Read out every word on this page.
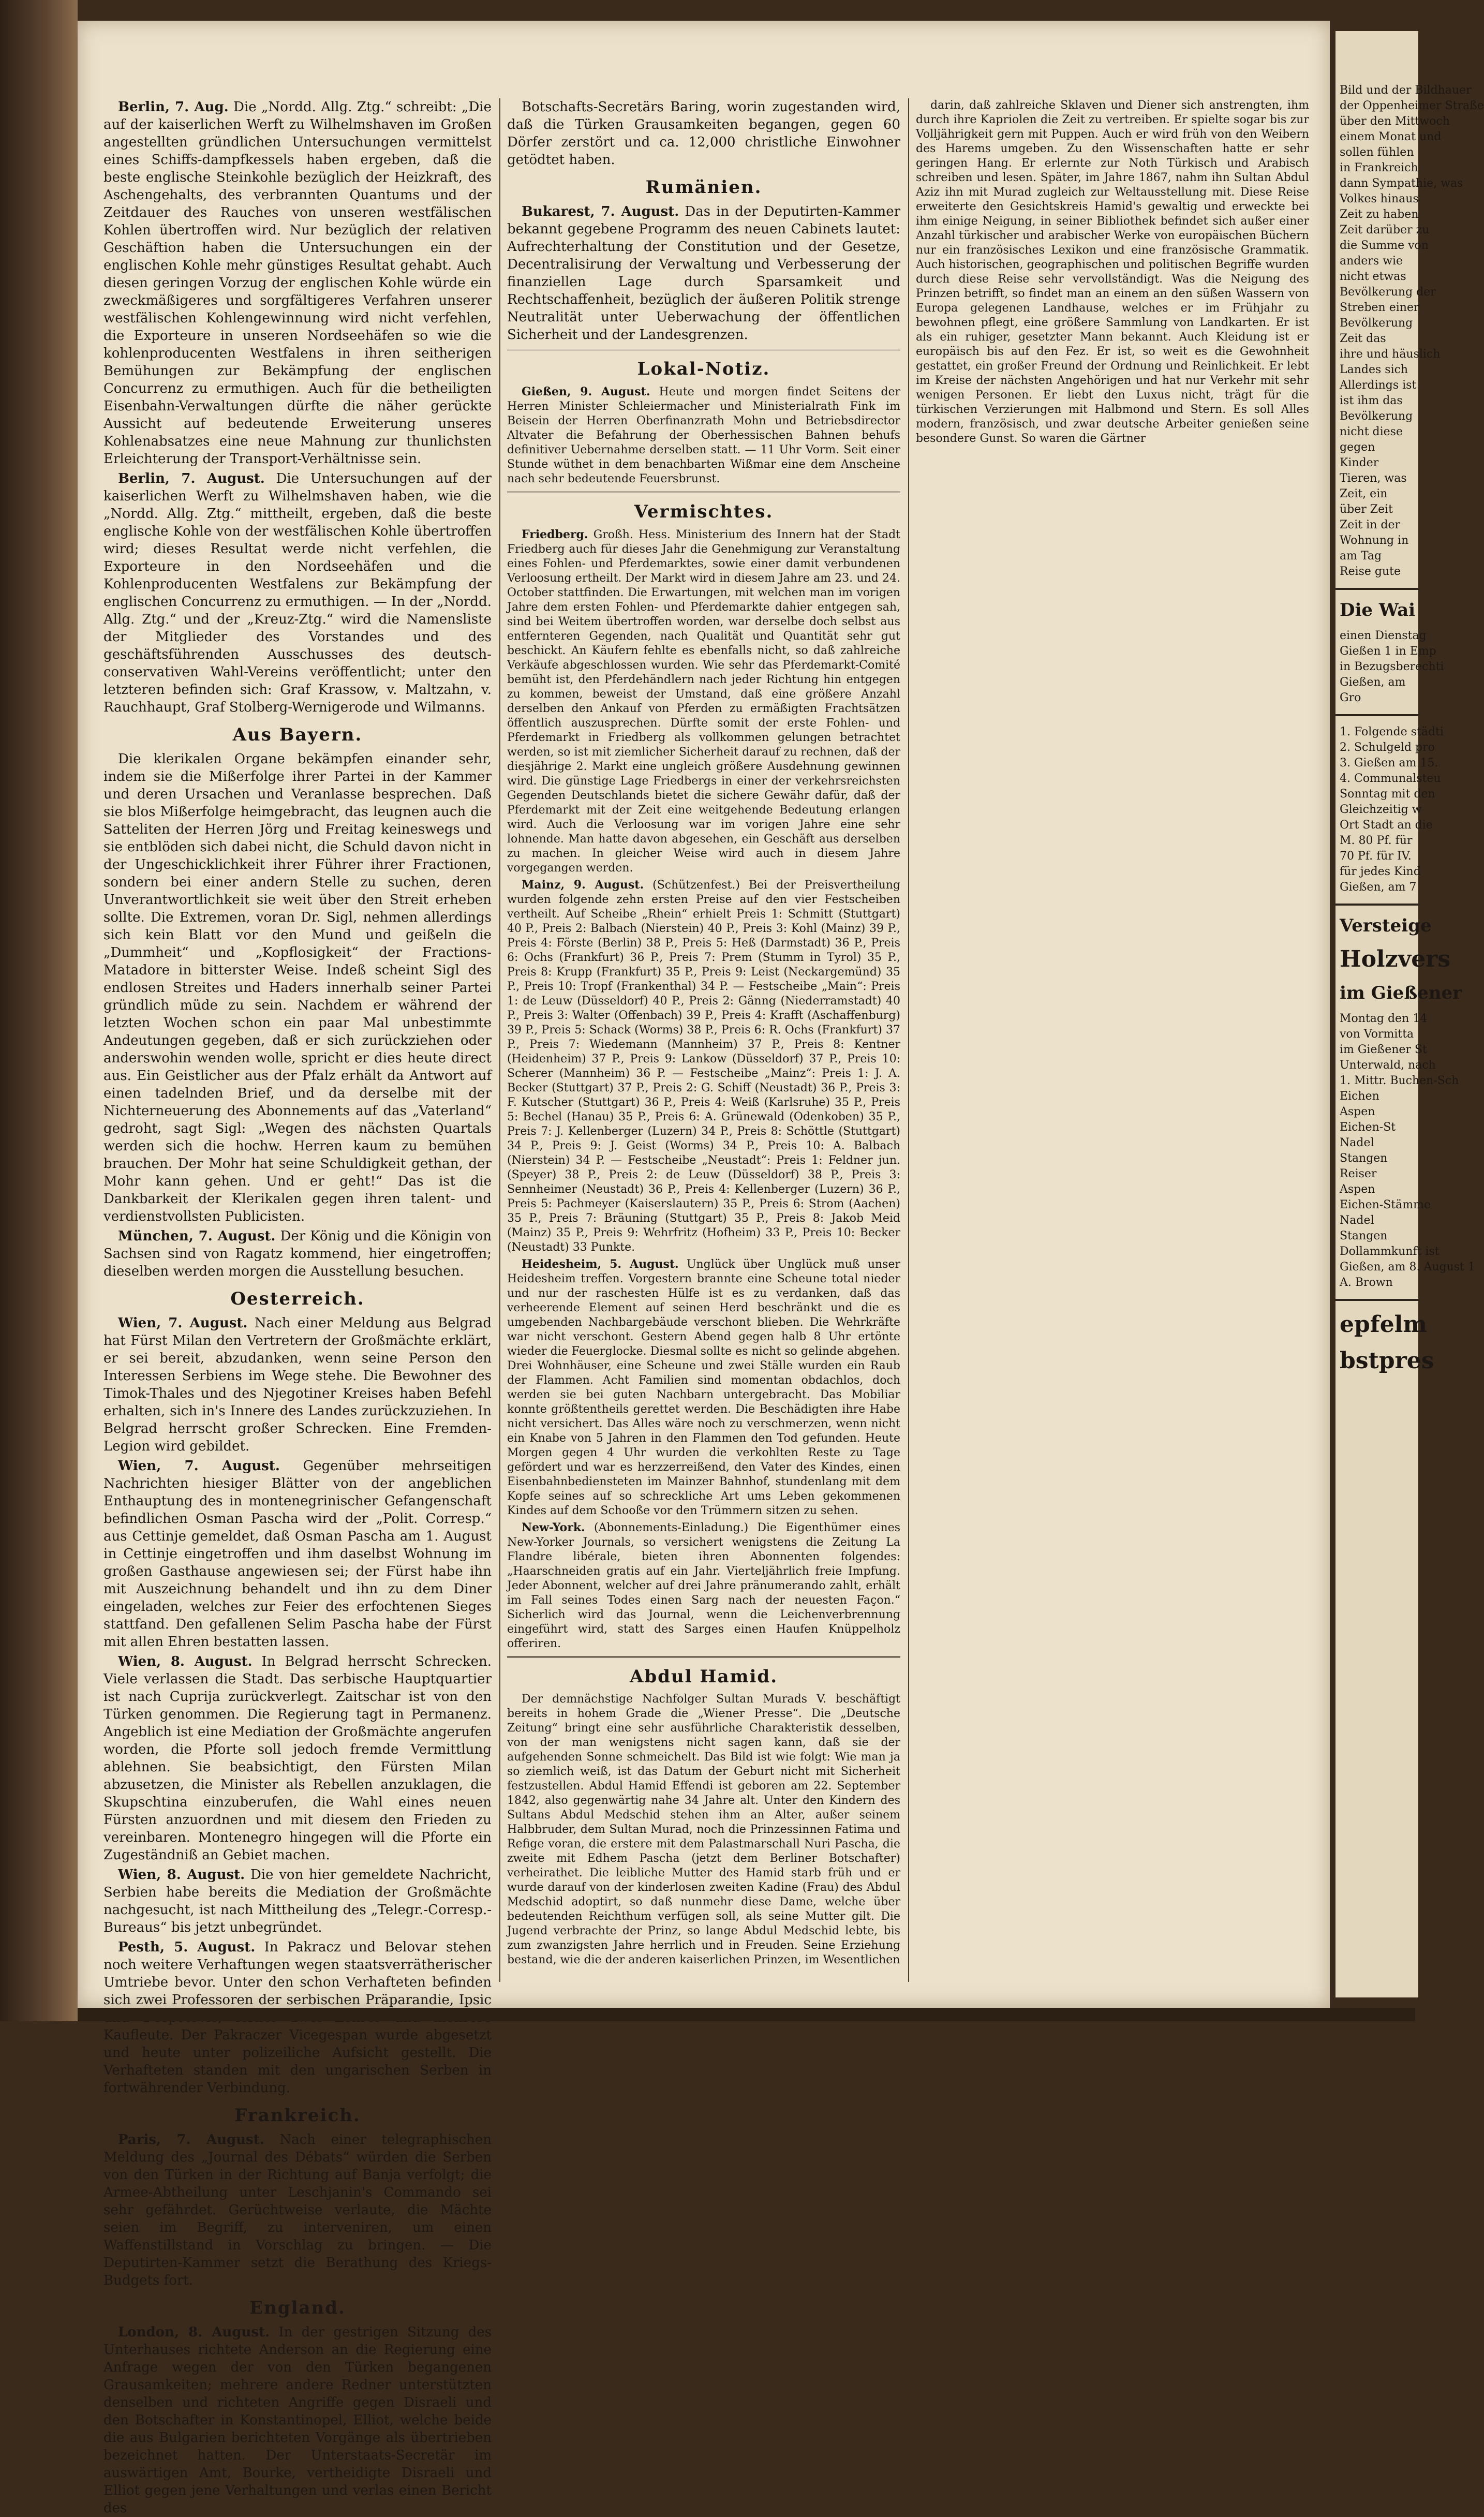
Berlin, 7. Aug. Die „Nordd. Allg. Ztg.“ schreibt: „Die auf der kaiserlichen Werft zu Wilhelmshaven im Großen angestellten gründlichen Untersuchungen vermittelst eines Schiffs-dampfkessels haben ergeben, daß die beste englische Steinkohle bezüglich der Heizkraft, des Aschengehalts, des verbrannten Quantums und der Zeitdauer des Rauches von unseren westfälischen Kohlen übertroffen wird. Nur bezüglich der relativen Geschäftion haben die Untersuchungen ein der englischen Kohle mehr günstiges Resultat gehabt. Auch diesen geringen Vorzug der englischen Kohle würde ein zweckmäßigeres und sorgfältigeres Verfahren unserer westfälischen Kohlengewinnung wird nicht verfehlen, die Exporteure in unseren Nordseehäfen so wie die kohlenproducenten Westfalens in ihren seitherigen Bemühungen zur Bekämpfung der englischen Concurrenz zu ermuthigen. Auch für die betheiligten Eisenbahn-Verwaltungen dürfte die näher gerückte Aussicht auf bedeutende Erweiterung unseres Kohlenabsatzes eine neue Mahnung zur thunlichsten Erleichterung der Transport-Verhältnisse sein.

Berlin, 7. August. Die Untersuchungen auf der kaiserlichen Werft zu Wilhelmshaven haben, wie die „Nordd. Allg. Ztg.“ mittheilt, ergeben, daß die beste englische Kohle von der westfälischen Kohle übertroffen wird; dieses Resultat werde nicht verfehlen, die Exporteure in den Nordseehäfen und die Kohlenproducenten Westfalens zur Bekämpfung der englischen Concurrenz zu ermuthigen. — In der „Nordd. Allg. Ztg.“ und der „Kreuz-Ztg.“ wird die Namensliste der Mitglieder des Vorstandes und des geschäftsführenden Ausschusses des deutsch-conservativen Wahl-Vereins veröffentlicht; unter den letzteren befinden sich: Graf Krassow, v. Maltzahn, v. Rauchhaupt, Graf Stolberg-Wernigerode und Wilmanns.

Aus Bayern.

Die klerikalen Organe bekämpfen einander sehr, indem sie die Mißerfolge ihrer Partei in der Kammer und deren Ursachen und Veranlasse besprechen. Daß sie blos Mißerfolge heimgebracht, das leugnen auch die Satteliten der Herren Jörg und Freitag keineswegs und sie entblöden sich dabei nicht, die Schuld davon nicht in der Ungeschicklichkeit ihrer Führer ihrer Fractionen, sondern bei einer andern Stelle zu suchen, deren Unverantwortlichkeit sie weit über den Streit erheben sollte. Die Extremen, voran Dr. Sigl, nehmen allerdings sich kein Blatt vor den Mund und geißeln die „Dummheit“ und „Kopflosigkeit“ der Fractions-Matadore in bitterster Weise. Indeß scheint Sigl des endlosen Streites und Haders innerhalb seiner Partei gründlich müde zu sein. Nachdem er während der letzten Wochen schon ein paar Mal unbestimmte Andeutungen gegeben, daß er sich zurückziehen oder anderswohin wenden wolle, spricht er dies heute direct aus. Ein Geistlicher aus der Pfalz erhält da Antwort auf einen tadelnden Brief, und da derselbe mit der Nichterneuerung des Abonnements auf das „Vaterland“ gedroht, sagt Sigl: „Wegen des nächsten Quartals werden sich die hochw. Herren kaum zu bemühen brauchen. Der Mohr hat seine Schuldigkeit gethan, der Mohr kann gehen. Und er geht!“ Das ist die Dankbarkeit der Klerikalen gegen ihren talent- und verdienstvollsten Publicisten.

München, 7. August. Der König und die Königin von Sachsen sind von Ragatz kommend, hier eingetroffen; dieselben werden morgen die Ausstellung besuchen.

Oesterreich.

Wien, 7. August. Nach einer Meldung aus Belgrad hat Fürst Milan den Vertretern der Großmächte erklärt, er sei bereit, abzudanken, wenn seine Person den Interessen Serbiens im Wege stehe. Die Bewohner des Timok-Thales und des Njegotiner Kreises haben Befehl erhalten, sich in's Innere des Landes zurückzuziehen. In Belgrad herrscht großer Schrecken. Eine Fremden-Legion wird gebildet.

Wien, 7. August. Gegenüber mehrseitigen Nachrichten hiesiger Blätter von der angeblichen Enthauptung des in montenegrinischer Gefangenschaft befindlichen Osman Pascha wird der „Polit. Corresp.“ aus Cettinje gemeldet, daß Osman Pascha am 1. August in Cettinje eingetroffen und ihm daselbst Wohnung im großen Gasthause angewiesen sei; der Fürst habe ihn mit Auszeichnung behandelt und ihn zu dem Diner eingeladen, welches zur Feier des erfochtenen Sieges stattfand. Den gefallenen Selim Pascha habe der Fürst mit allen Ehren bestatten lassen.

Wien, 8. August. In Belgrad herrscht Schrecken. Viele verlassen die Stadt. Das serbische Hauptquartier ist nach Cuprija zurückverlegt. Zaitschar ist von den Türken genommen. Die Regierung tagt in Permanenz. Angeblich ist eine Mediation der Großmächte angerufen worden, die Pforte soll jedoch fremde Vermittlung ablehnen. Sie beabsichtigt, den Fürsten Milan abzusetzen, die Minister als Rebellen anzuklagen, die Skupschtina einzuberufen, die Wahl eines neuen Fürsten anzuordnen und mit diesem den Frieden zu vereinbaren. Montenegro hingegen will die Pforte ein Zugeständniß an Gebiet machen.

Wien, 8. August. Die von hier gemeldete Nachricht, Serbien habe bereits die Mediation der Großmächte nachgesucht, ist nach Mittheilung des „Telegr.-Corresp.-Bureaus“ bis jetzt unbegründet.

Pesth, 5. August. In Pakracz und Belovar stehen noch weitere Verhaftungen wegen staatsverrätherischer Umtriebe bevor. Unter den schon Verhafteten befinden sich zwei Professoren der serbischen Präparandie, Ipsic Kaufleute. Der Pakraczer Vicegespan wurde abgesetzt und heute unter polizeiliche Aufsicht gestellt. Die Verhafteten standen mit den ungarischen Serben in fortwährender Verbindung.

Frankreich.

Paris, 7. August. Nach einer telegraphischen Meldung des „Journal des Débats“ würden die Serben von den Türken in der Richtung auf Banja verfolgt; die Armee-Abtheilung unter Leschjanin's Commando sei sehr gefährdet. Gerüchtweise verlaute, die Mächte seien im Begriff, zu interveniren, um einen Waffenstillstand in Vorschlag zu bringen. — Die Deputirten-Kammer setzt die Berathung des Kriegs-Budgets fort.

England.

London, 8. August. In der gestrigen Sitzung des Unterhauses richtete Anderson an die Regierung eine Anfrage wegen der von den Türken begangenen Grausamkeiten; mehrere andere Redner unterstützten denselben und richteten Angriffe gegen Disraeli und den Botschafter in Konstantinopel, Elliot, welche beide die aus Bulgarien berichteten Vorgänge als übertrieben bezeichnet hatten. Der Unterstaats-Secretär im auswärtigen Amt, Bourke, vertheidigte Disraeli und Elliot gegen jene Verhaltungen und verlas einen Bericht des

Botschafts-Secretärs Baring, worin zugestanden wird, daß die Türken Grausamkeiten begangen, gegen 60 Dörfer zerstört und ca. 12,000 christliche Einwohner getödtet haben.

Rumänien.

Bukarest, 7. August. Das in der Deputirten-Kammer bekannt gegebene Programm des neuen Cabinets lautet: Aufrechterhaltung der Constitution und der Gesetze, Decentralisirung der Verwaltung und Verbesserung der finanziellen Lage durch Sparsamkeit und Rechtschaffenheit, bezüglich der äußeren Politik strenge Neutralität unter Ueberwachung der öffentlichen Sicherheit und der Landesgrenzen.

Lokal-Notiz.

Gießen, 9. August. Heute und morgen findet Seitens der Herren Minister Schleiermacher und Ministerialrath Fink im Beisein der Herren Oberfinanzrath Mohn und Betriebsdirector Altvater die Befahrung der Oberhessischen Bahnen behufs definitiver Uebernahme derselben statt. — 11 Uhr Vorm. Seit einer Stunde wüthet in dem benachbarten Wißmar eine dem Anscheine nach sehr bedeutende Feuersbrunst.

Vermischtes.

Friedberg. Großh. Hess. Ministerium des Innern hat der Stadt Friedberg auch für dieses Jahr die Genehmigung zur Veranstaltung eines Fohlen- und Pferdemarktes, sowie einer damit verbundenen Verloosung ertheilt. Der Markt wird in diesem Jahre am 23. und 24. October stattfinden. Die Erwartungen, mit welchen man im vorigen Jahre dem ersten Fohlen- und Pferdemarkte dahier entgegen sah, sind bei Weitem übertroffen worden, war derselbe doch selbst aus entfernteren Gegenden, nach Qualität und Quantität sehr gut beschickt. An Käufern fehlte es ebenfalls nicht, so daß zahlreiche Verkäufe abgeschlossen wurden. Wie sehr das Pferdemarkt-Comité bemüht ist, den Pferdehändlern nach jeder Richtung hin entgegen zu kommen, beweist der Umstand, daß eine größere Anzahl derselben den Ankauf von Pferden zu ermäßigten Frachtsätzen öffentlich auszusprechen. Dürfte somit der erste Fohlen- und Pferdemarkt in Friedberg als vollkommen gelungen betrachtet werden, so ist mit ziemlicher Sicherheit darauf zu rechnen, daß der diesjährige 2. Markt eine ungleich größere Ausdehnung gewinnen wird. Die günstige Lage Friedbergs in einer der verkehrsreichsten Gegenden Deutschlands bietet die sichere Gewähr dafür, daß der Pferdemarkt mit der Zeit eine weitgehende Bedeutung erlangen wird. Auch die Verloosung war im vorigen Jahre eine sehr lohnende. Man hatte davon abgesehen, ein Geschäft aus derselben zu machen. In gleicher Weise wird auch in diesem Jahre vorgegangen werden.

Mainz, 9. August. (Schützenfest.) Bei der Preisvertheilung wurden folgende zehn ersten Preise auf den vier Festscheiben vertheilt. Auf Scheibe „Rhein“ erhielt Preis 1: Schmitt (Stuttgart) 40 P., Preis 2: Balbach (Nierstein) 40 P., Preis 3: Kohl (Mainz) 39 P., Preis 4: Förste (Berlin) 38 P., Preis 5: Heß (Darmstadt) 36 P., Preis 6: Ochs (Frankfurt) 36 P., Preis 7: Prem (Stumm in Tyrol) 35 P., Preis 8: Krupp (Frankfurt) 35 P., Preis 9: Leist (Neckargemünd) 35 P., Preis 10: Tropf (Frankenthal) 34 P. — Festscheibe „Main“: Preis 1: de Leuw (Düsseldorf) 40 P., Preis 2: Gänng (Niederramstadt) 40 P., Preis 3: Walter (Offenbach) 39 P., Preis 4: Krafft (Aschaffenburg) 39 P., Preis 5: Schack (Worms) 38 P., Preis 6: R. Ochs (Frankfurt) 37 P., Preis 7: Wiedemann (Mannheim) 37 P., Preis 8: Kentner (Heidenheim) 37 P., Preis 9: Lankow (Düsseldorf) 37 P., Preis 10: Scherer (Mannheim) 36 P. — Festscheibe „Mainz“: Preis 1: J. A. Becker (Stuttgart) 37 P., Preis 2: G. Schiff (Neustadt) 36 P., Preis 3: F. Kutscher (Stuttgart) 36 P., Preis 4: Weiß (Karlsruhe) 35 P., Preis 5: Bechel (Hanau) 35 P., Preis 6: A. Grünewald (Odenkoben) 35 P., Preis 7: J. Kellenberger (Luzern) 34 P., Preis 8: Schöttle (Stuttgart) 34 P., Preis 9: J. Geist (Worms) 34 P., Preis 10: A. Balbach (Nierstein) 34 P. — Festscheibe „Neustadt“: Preis 1: Feldner jun. (Speyer) 38 P., Preis 2: de Leuw (Düsseldorf) 38 P., Preis 3: Sennheimer (Neustadt) 36 P., Preis 4: Kellenberger (Luzern) 36 P., Preis 5: Pachmeyer (Kaiserslautern) 35 P., Preis 6: Strom (Aachen) 35 P., Preis 7: Bräuning (Stuttgart) 35 P., Preis 8: Jakob Meid (Mainz) 35 P., Preis 9: Wehrfritz (Hofheim) 33 P., Preis 10: Becker (Neustadt) 33 Punkte.

Heidesheim, 5. August. Unglück über Unglück muß unser Heidesheim treffen. Vorgestern brannte eine Scheune total nieder und nur der raschesten Hülfe ist es zu verdanken, daß das verheerende Element auf seinen Herd beschränkt und die es umgebenden Nachbargebäude verschont blieben. Die Wehrkräfte war nicht verschont. Gestern Abend gegen halb 8 Uhr ertönte wieder die Feuerglocke. Diesmal sollte es nicht so gelinde abgehen. Drei Wohnhäuser, eine Scheune und zwei Ställe wurden ein Raub der Flammen. Acht Familien sind momentan obdachlos, doch werden sie bei guten Nachbarn untergebracht. Das Mobiliar konnte größtentheils gerettet werden. Die Beschädigten ihre Habe nicht versichert. Das Alles wäre noch zu verschmerzen, wenn nicht ein Knabe von 5 Jahren in den Flammen den Tod gefunden. Heute Morgen gegen 4 Uhr wurden die verkohlten Reste zu Tage gefördert und war es herzzerreißend, den Vater des Kindes, einen Eisenbahnbediensteten im Mainzer Bahnhof, stundenlang mit dem Kopfe seines auf so schreckliche Art ums Leben gekommenen Kindes auf dem Schooße vor den Trümmern sitzen zu sehen.

New-York. (Abonnements-Einladung.) Die Eigenthümer eines New-Yorker Journals, so versichert wenigstens die Zeitung La Flandre libérale, bieten ihren Abonnenten folgendes: „Haarschneiden gratis auf ein Jahr. Vierteljährlich freie Impfung. Jeder Abonnent, welcher auf drei Jahre pränumerando zahlt, erhält im Fall seines Todes einen Sarg nach der neuesten Façon.“ Sicherlich wird das Journal, wenn die Leichenverbrennung eingeführt wird, statt des Sarges einen Haufen Knüppelholz offeriren.

Abdul Hamid.

Der demnächstige Nachfolger Sultan Murads V. beschäftigt bereits in hohem Grade die „Wiener Presse“. Die „Deutsche Zeitung“ bringt eine sehr ausführliche Charakteristik desselben, von der man wenigstens nicht sagen kann, daß sie der aufgehenden Sonne schmeichelt. Das Bild ist wie folgt: Wie man ja so ziemlich weiß, ist das Datum der Geburt nicht mit Sicherheit festzustellen. Abdul Hamid Effendi ist geboren am 22. September 1842, also gegenwärtig nahe 34 Jahre alt. Unter den Kindern des Sultans Abdul Medschid stehen ihm an Alter, außer seinem Halbbruder, dem Sultan Murad, noch die Prinzessinnen Fatima und Refige voran, die erstere mit dem Palastmarschall Nuri Pascha, die zweite mit Edhem Pascha (jetzt dem Berliner Botschafter) verheirathet. Die leibliche Mutter des Hamid starb früh und er wurde darauf von der kinderlosen zweiten Kadine (Frau) des Abdul Medschid adoptirt, so daß nunmehr diese Dame, welche über bedeutenden Reichthum verfügen soll, als seine Mutter gilt. Die Jugend verbrachte der Prinz, so lange Abdul Medschid lebte, bis zum zwanzigsten Jahre herrlich und in Freuden. Seine Erziehung bestand, wie die der anderen kaiserlichen Prinzen, im Wesentlichen

darin, daß zahlreiche Sklaven und Diener sich anstrengten, ihm durch ihre Kapriolen die Zeit zu vertreiben. Er spielte sogar bis zur Volljährigkeit gern mit Puppen. Auch er wird früh von den Weibern des Harems umgeben. Zu den Wissenschaften hatte er sehr geringen Hang. Er erlernte zur Noth Türkisch und Arabisch schreiben und lesen. Später, im Jahre 1867, nahm ihn Sultan Abdul Aziz ihn mit Murad zugleich zur Weltausstellung mit. Diese Reise erweiterte den Gesichtskreis Hamid's gewaltig und erweckte bei ihm einige Neigung, in seiner Bibliothek befindet sich außer einer Anzahl türkischer und arabischer Werke von europäischen Büchern nur ein französisches Lexikon und eine französische Grammatik. Auch historischen, geographischen und politischen Begriffe wurden durch diese Reise sehr vervollständigt. Was die Neigung des Prinzen betrifft, so findet man an einem an den süßen Wassern von Europa gelegenen Landhause, welches er im Frühjahr zu bewohnen pflegt, eine größere Sammlung von Landkarten. Er ist als ein ruhiger, gesetzter Mann bekannt. Auch Kleidung ist er europäisch bis auf den Fez. Er ist, so weit es die Gewohnheit gestattet, ein großer Freund der Ordnung und Reinlichkeit. Er lebt im Kreise der nächsten Angehörigen und hat nur Verkehr mit sehr wenigen Personen. Er liebt den Luxus nicht, trägt für die türkischen Verzierungen mit Halbmond und Stern. Es soll Alles modern, französisch, und zwar deutsche Arbeiter genießen seine besondere Gunst. So waren die Gärtner

Bild und der Bildhauer
der Oppenheimer Straße
über den Mittwoch
einem Monat und
sollen fühlen
in Frankreich
dann Sympathie, was
Volkes hinaus
Zeit zu haben
Zeit darüber zu
die Summe von
anders wie
nicht etwas
Bevölkerung der
Streben einer
Bevölkerung
Zeit das
ihre und häuslich
Landes sich
Allerdings ist
ist ihm das
Bevölkerung
nicht diese
gegen
Kinder
Tieren, was
Zeit, ein
über Zeit
Zeit in der
Wohnung in
am Tag
Reise gute
Die Wai
einen Dienstag
Gießen 1 in Emp
in Bezugsberechti
Gießen, am
Gro
1. Folgende städti
2. Schulgeld pro
3. Gießen am 15.
4. Communalsteu
Sonntag mit den
Gleichzeitig w
Ort Stadt an die
M. 80 Pf. für
70 Pf. für IV.
für jedes Kind
Gießen, am 7
Versteige
Holzvers
im Gießener
Montag den 14
von Vormitta
im Gießener St
Unterwald, nach
1. Mittr. Buchen-Sch
Eichen
Aspen
Eichen-St
Nadel
Stangen
Reiser
Aspen
Eichen-Stämme
Nadel
Stangen
Dollammkunft ist
Gießen, am 8. August 1
A. Brown
epfelm
bstpres
